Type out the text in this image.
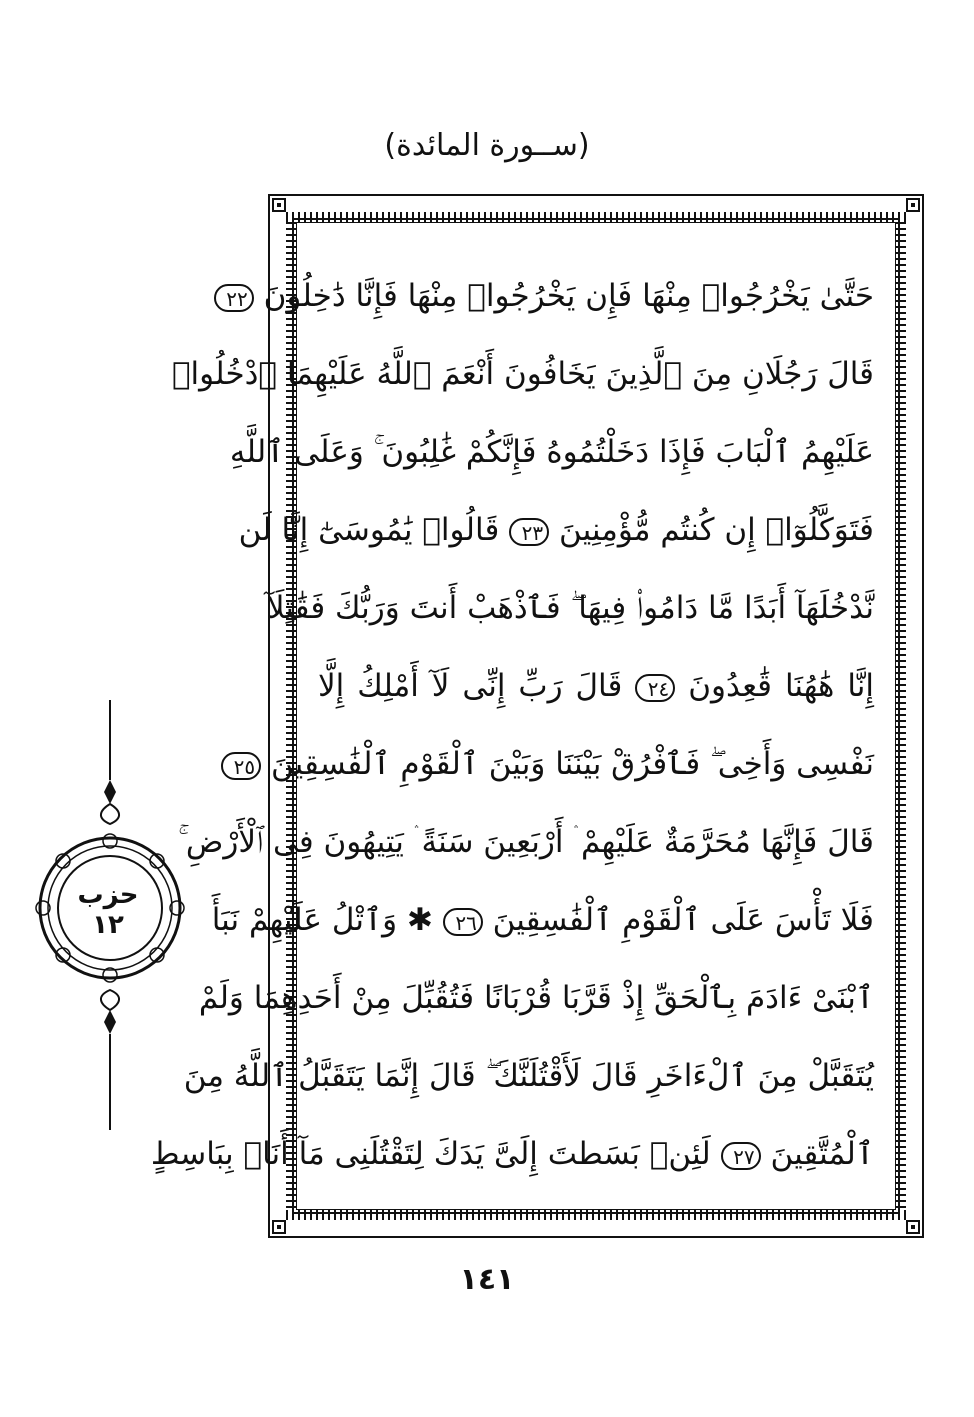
(ســورة المائدة)
حَتَّىٰ يَخْرُجُوا۟ مِنْهَا فَإِن يَخْرُجُوا۟ مِنْهَا فَإِنَّا دَٰخِلُونَ ٢٢
قَالَ رَجُلَانِ مِنَ ٱلَّذِينَ يَخَافُونَ أَنْعَمَ ٱللَّهُ عَلَيْهِمَا ٱدْخُلُوا۟
عَلَيْهِمُ ٱلْبَابَ فَإِذَا دَخَلْتُمُوهُ فَإِنَّكُمْ غَٰلِبُونَ ۚ وَعَلَى ٱللَّهِ
فَتَوَكَّلُوٓا۟ إِن كُنتُم مُّؤْمِنِينَ ٢٣ قَالُوا۟ يَٰمُوسَىٰٓ إِنَّا لَن
نَّدْخُلَهَآ أَبَدًا مَّا دَامُوا۟ فِيهَا ۖ فَٱذْهَبْ أَنتَ وَرَبُّكَ فَقَٰتِلَآ
إِنَّا هَٰهُنَا قَٰعِدُونَ ٢٤ قَالَ رَبِّ إِنِّى لَآ أَمْلِكُ إِلَّا
نَفْسِى وَأَخِى ۖ فَٱفْرُقْ بَيْنَنَا وَبَيْنَ ٱلْقَوْمِ ٱلْفَٰسِقِينَ ٢٥
قَالَ فَإِنَّهَا مُحَرَّمَةٌ عَلَيْهِمْ ۛ أَرْبَعِينَ سَنَةً ۛ يَتِيهُونَ فِى ٱلْأَرْضِ ۚ
فَلَا تَأْسَ عَلَى ٱلْقَوْمِ ٱلْفَٰسِقِينَ ٢٦ ✱ وَٱتْلُ عَلَيْهِمْ نَبَأَ
ٱبْنَىْ ءَادَمَ بِٱلْحَقِّ إِذْ قَرَّبَا قُرْبَانًا فَتُقُبِّلَ مِنْ أَحَدِهِمَا وَلَمْ
يُتَقَبَّلْ مِنَ ٱلْءَاخَرِ قَالَ لَأَقْتُلَنَّكَ ۖ قَالَ إِنَّمَا يَتَقَبَّلُ ٱللَّهُ مِنَ
ٱلْمُتَّقِينَ ٢٧ لَئِنۢ بَسَطتَ إِلَىَّ يَدَكَ لِتَقْتُلَنِى مَآ أَنَا۠ بِبَاسِطٍ
حزب
١٢
١٤١
